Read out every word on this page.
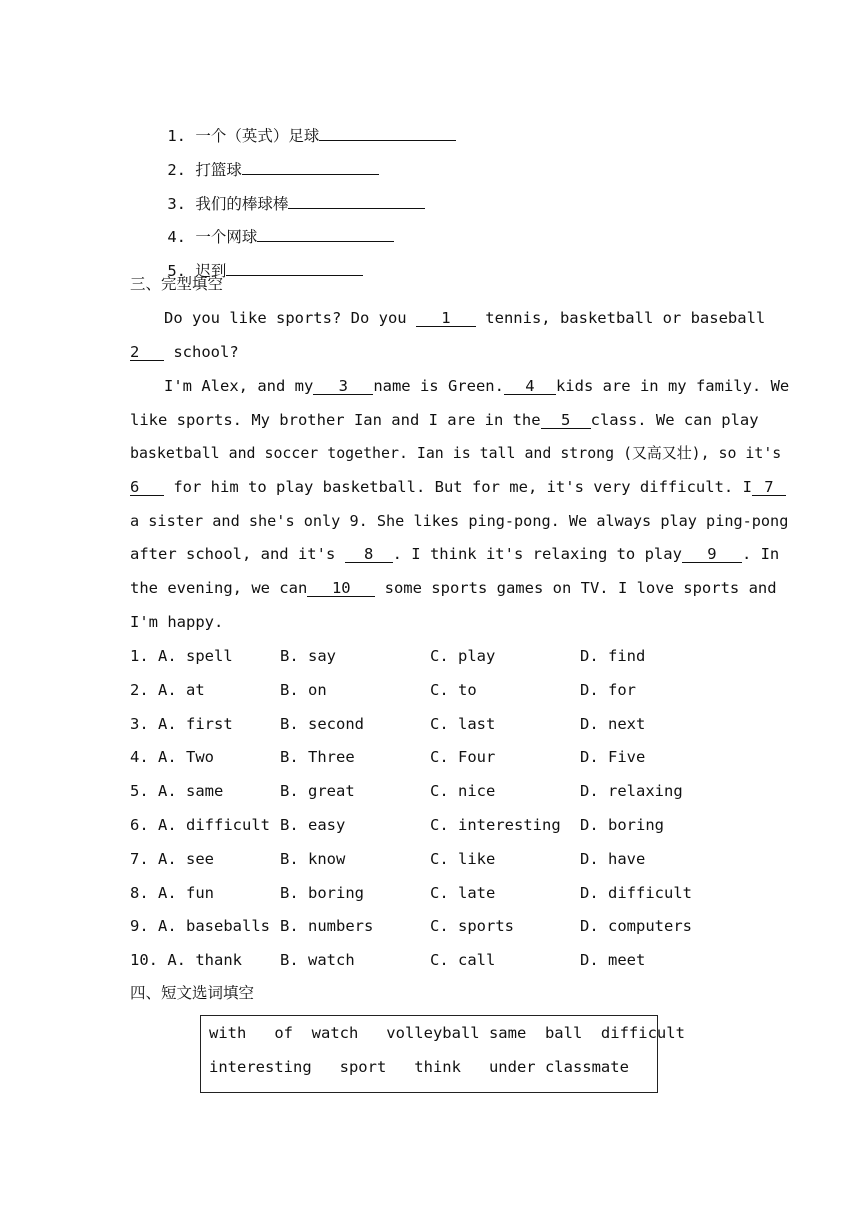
1. 一个（英式）足球

2. 打篮球

3. 我们的棒球棒

4. 一个网球

5. 迟到

三、完型填空
Do you like sports? Do you 1 tennis, basketball or baseball
2 school?
I'm Alex, and my 3 name is Green. 4 kids are in my family. We
like sports. My brother Ian and I are in the 5 class. We can play
basketball and soccer together. Ian is tall and strong (又高又壮), so it's
6 for him to play basketball. But for me, it's very difficult. I 7
a sister and she's only 9. She likes ping-pong. We always play ping-pong
after school, and it's 8 . I think it's relaxing to play 9 . In
the evening, we can 10 some sports games on TV. I love sports and
I'm happy.
1. A. spell	B. say	C. play	D. find
2. A. at	B. on	C. to	D. for
3. A. first	B. second	C. last	D. next
4. A. Two	B. Three	C. Four	D. Five
5. A. same	B. great	C. nice	D. relaxing
6. A. difficult B. easy	C. interesting D. boring
7. A. see	B. know	C. like	D. have
8. A. fun	B. boring	C. late	D. difficult
9. A. baseballs B. numbers	C. sports	D. computers
10. A. thank B. watch	C. call	D. meet
四、短文选词填空
with   of  watch   volleyball same  ball  difficult
interesting   sport   think   under classmate
